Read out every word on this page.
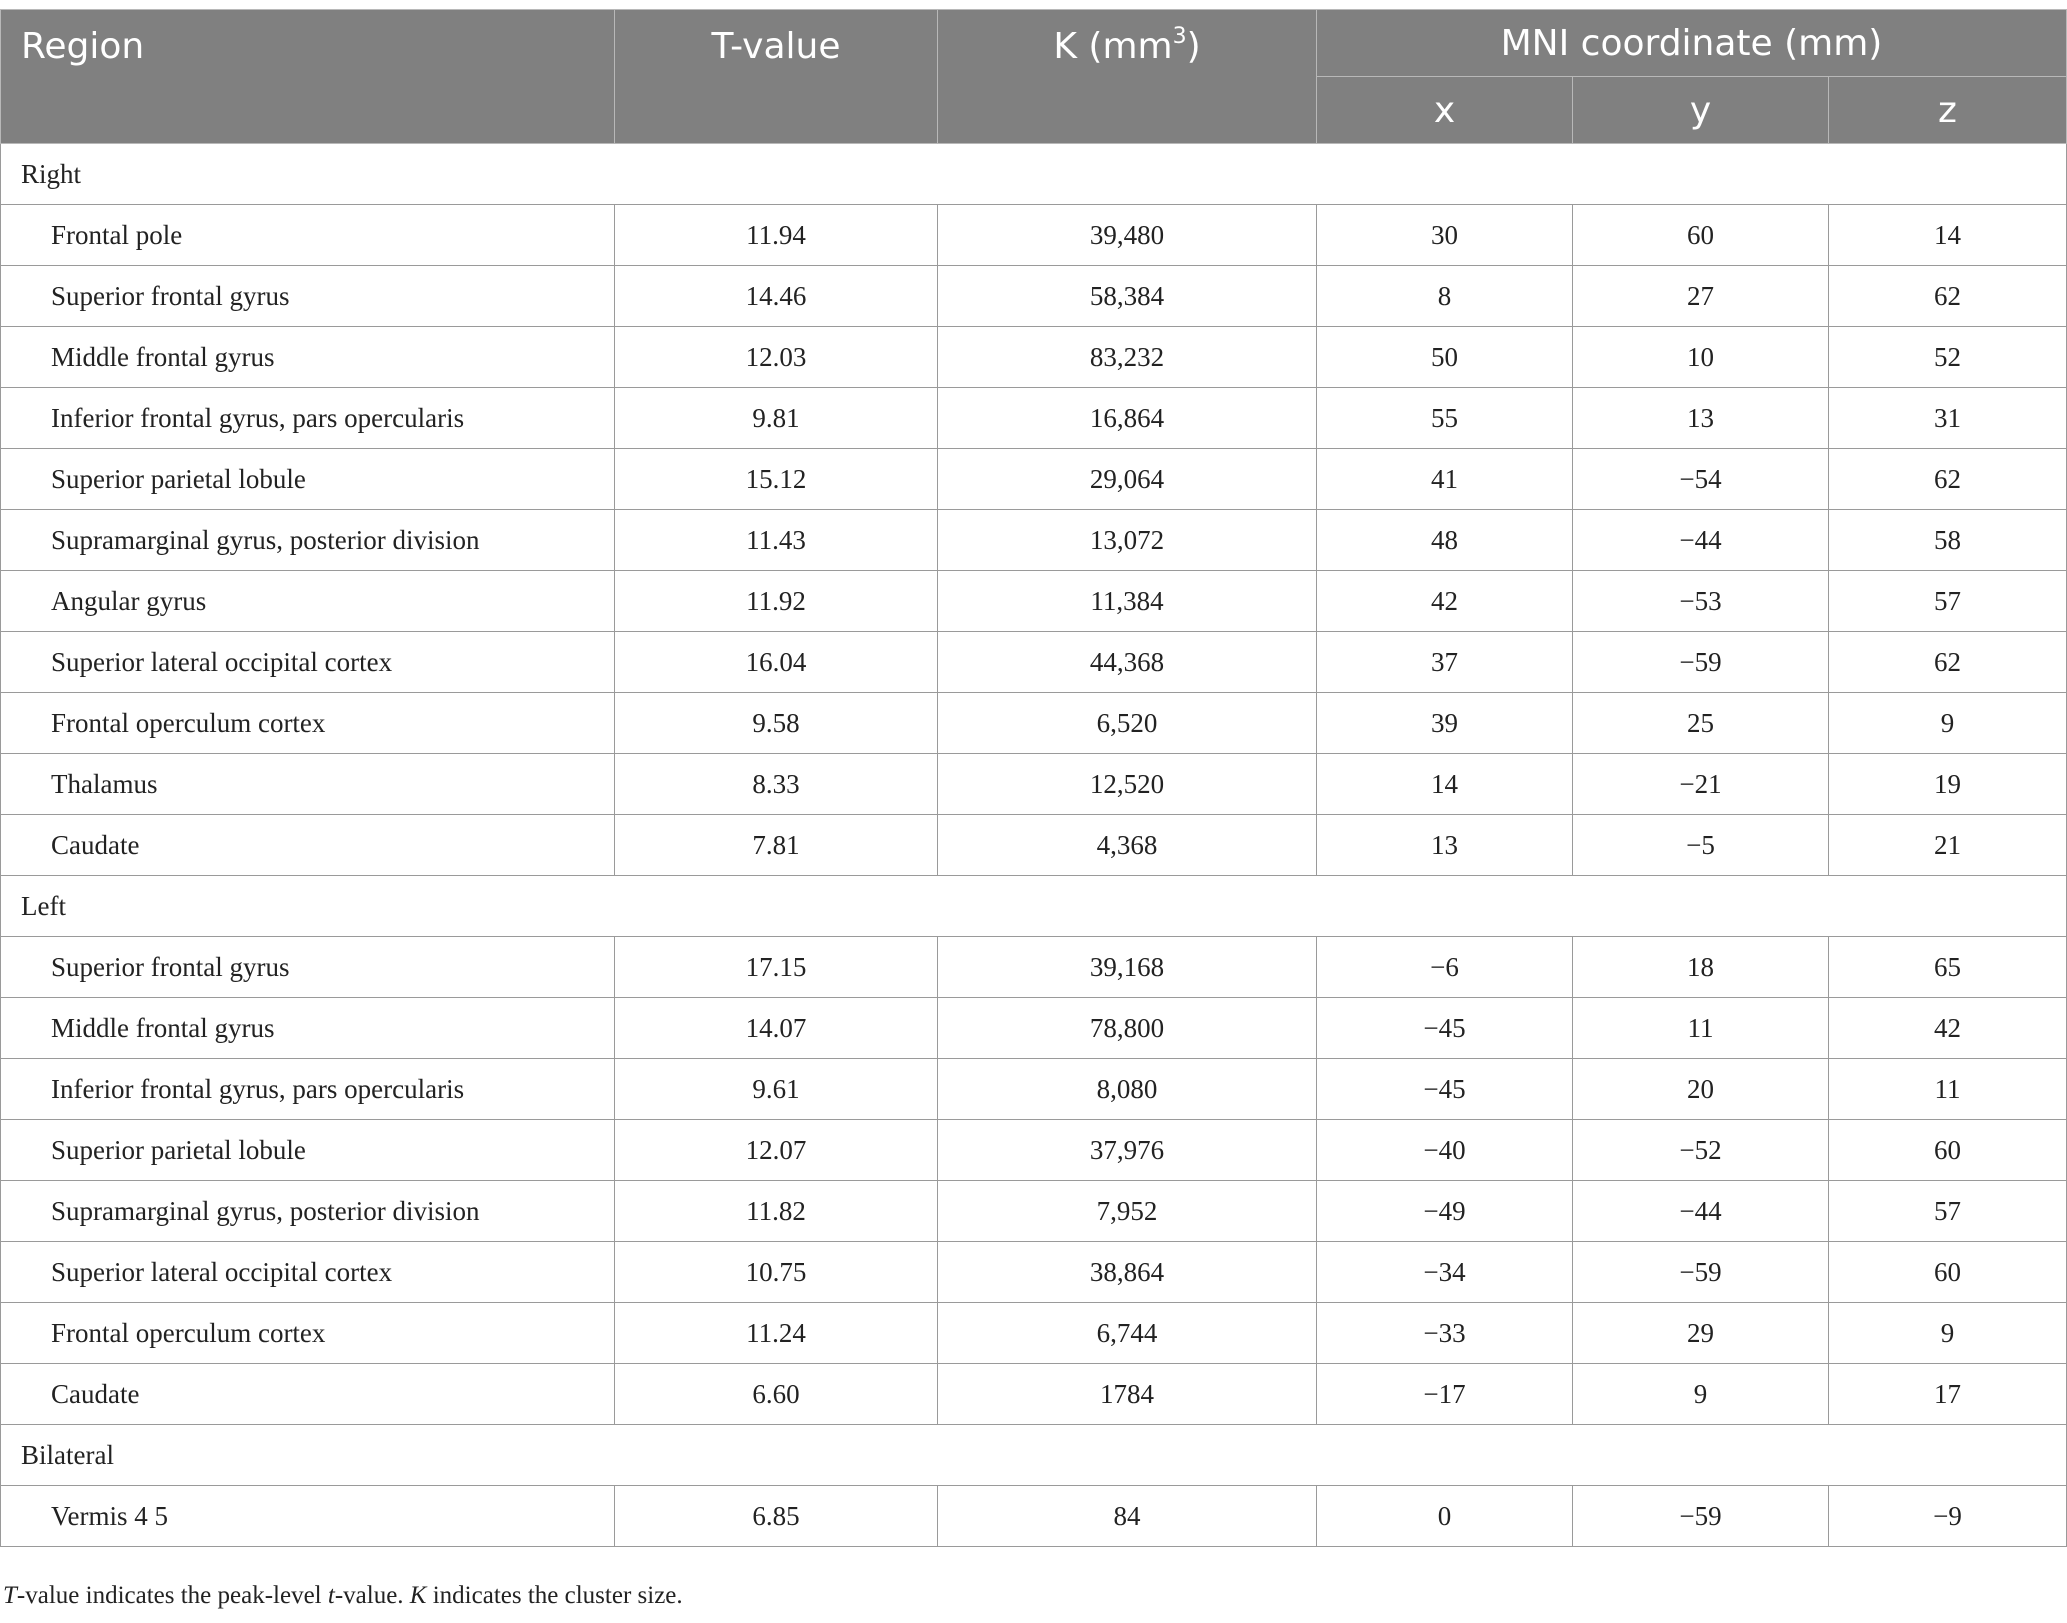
Region	T-value	K $(mm^3)$	MNI coordinate (mm)		
			x	y	z
Right					
Frontal pole	11.94	39,480	30	60	14
Superior frontal gyrus	14.46	58,384	8	27	62
Middle frontal gyrus	12.03	83,232	50	10	52
Inferior frontal gyrus, pars opercularis	9.81	16,864	55	13	31
Superior parietal lobule	15.12	29,064	41	−54	62
Supramarginal gyrus, posterior division	11.43	13,072	48	−44	58
Angular gyrus	11.92	11,384	42	−53	57
Superior lateral occipital cortex	16.04	44,368	37	−59	62
Frontal operculum cortex	9.58	6,520	39	25	9
Thalamus	8.33	12,520	14	−21	19
Caudate	7.81	4,368	13	−5	21
Left					
Superior frontal gyrus	17.15	39,168	−6	18	65
Middle frontal gyrus	14.07	78,800	−45	11	42
Inferior frontal gyrus, pars opercularis	9.61	8,080	−45	20	11
Superior parietal lobule	12.07	37,976	−40	−52	60
Supramarginal gyrus, posterior division	11.82	7,952	−49	−44	57
Superior lateral occipital cortex	10.75	38,864	−34	−59	60
Frontal operculum cortex	11.24	6,744	−33	29	9
Caudate	6.60	1784	−17	9	17
Bilateral					
Vermis 4 5	6.85	84	0	−59	−9
T-value indicates the peak-level t-value. K indicates the cluster size.
